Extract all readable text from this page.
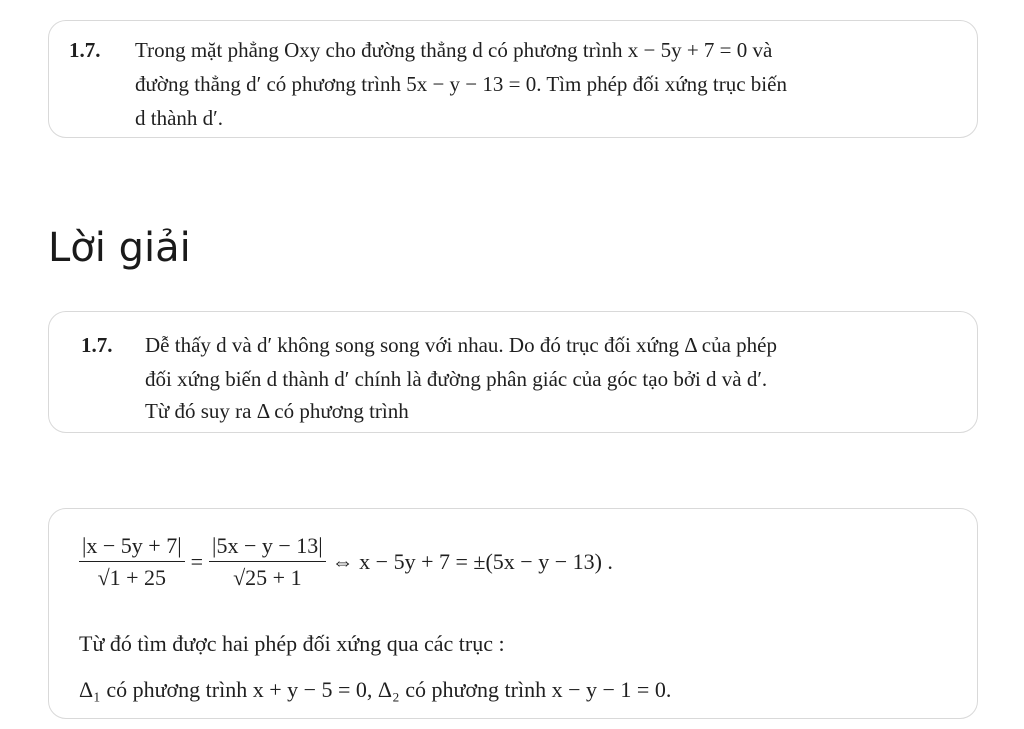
1.7. Trong mặt phẳng Oxy cho đường thẳng d có phương trình x − 5y + 7 = 0 và
đường thẳng d′ có phương trình 5x − y − 13 = 0. Tìm phép đối xứng trục biến
d thành d′.
Lời giải
1.7. Dễ thấy d và d′ không song song với nhau. Do đó trục đối xứng Δ của phép
đối xứng biến d thành d′ chính là đường phân giác của góc tạo bởi d và d′.
Từ đó suy ra Δ có phương trình
$\frac{|x - 5y + 7|}{√1 + 25} = \frac{|5x - y - 13|}{√25 + 1}$ ⇔ x − 5y + 7 = ±(5x − y − 13) .
Từ đó tìm được hai phép đối xứng qua các trục :
Δ₁ có phương trình x + y − 5 = 0, Δ₂ có phương trình x − y − 1 = 0.
